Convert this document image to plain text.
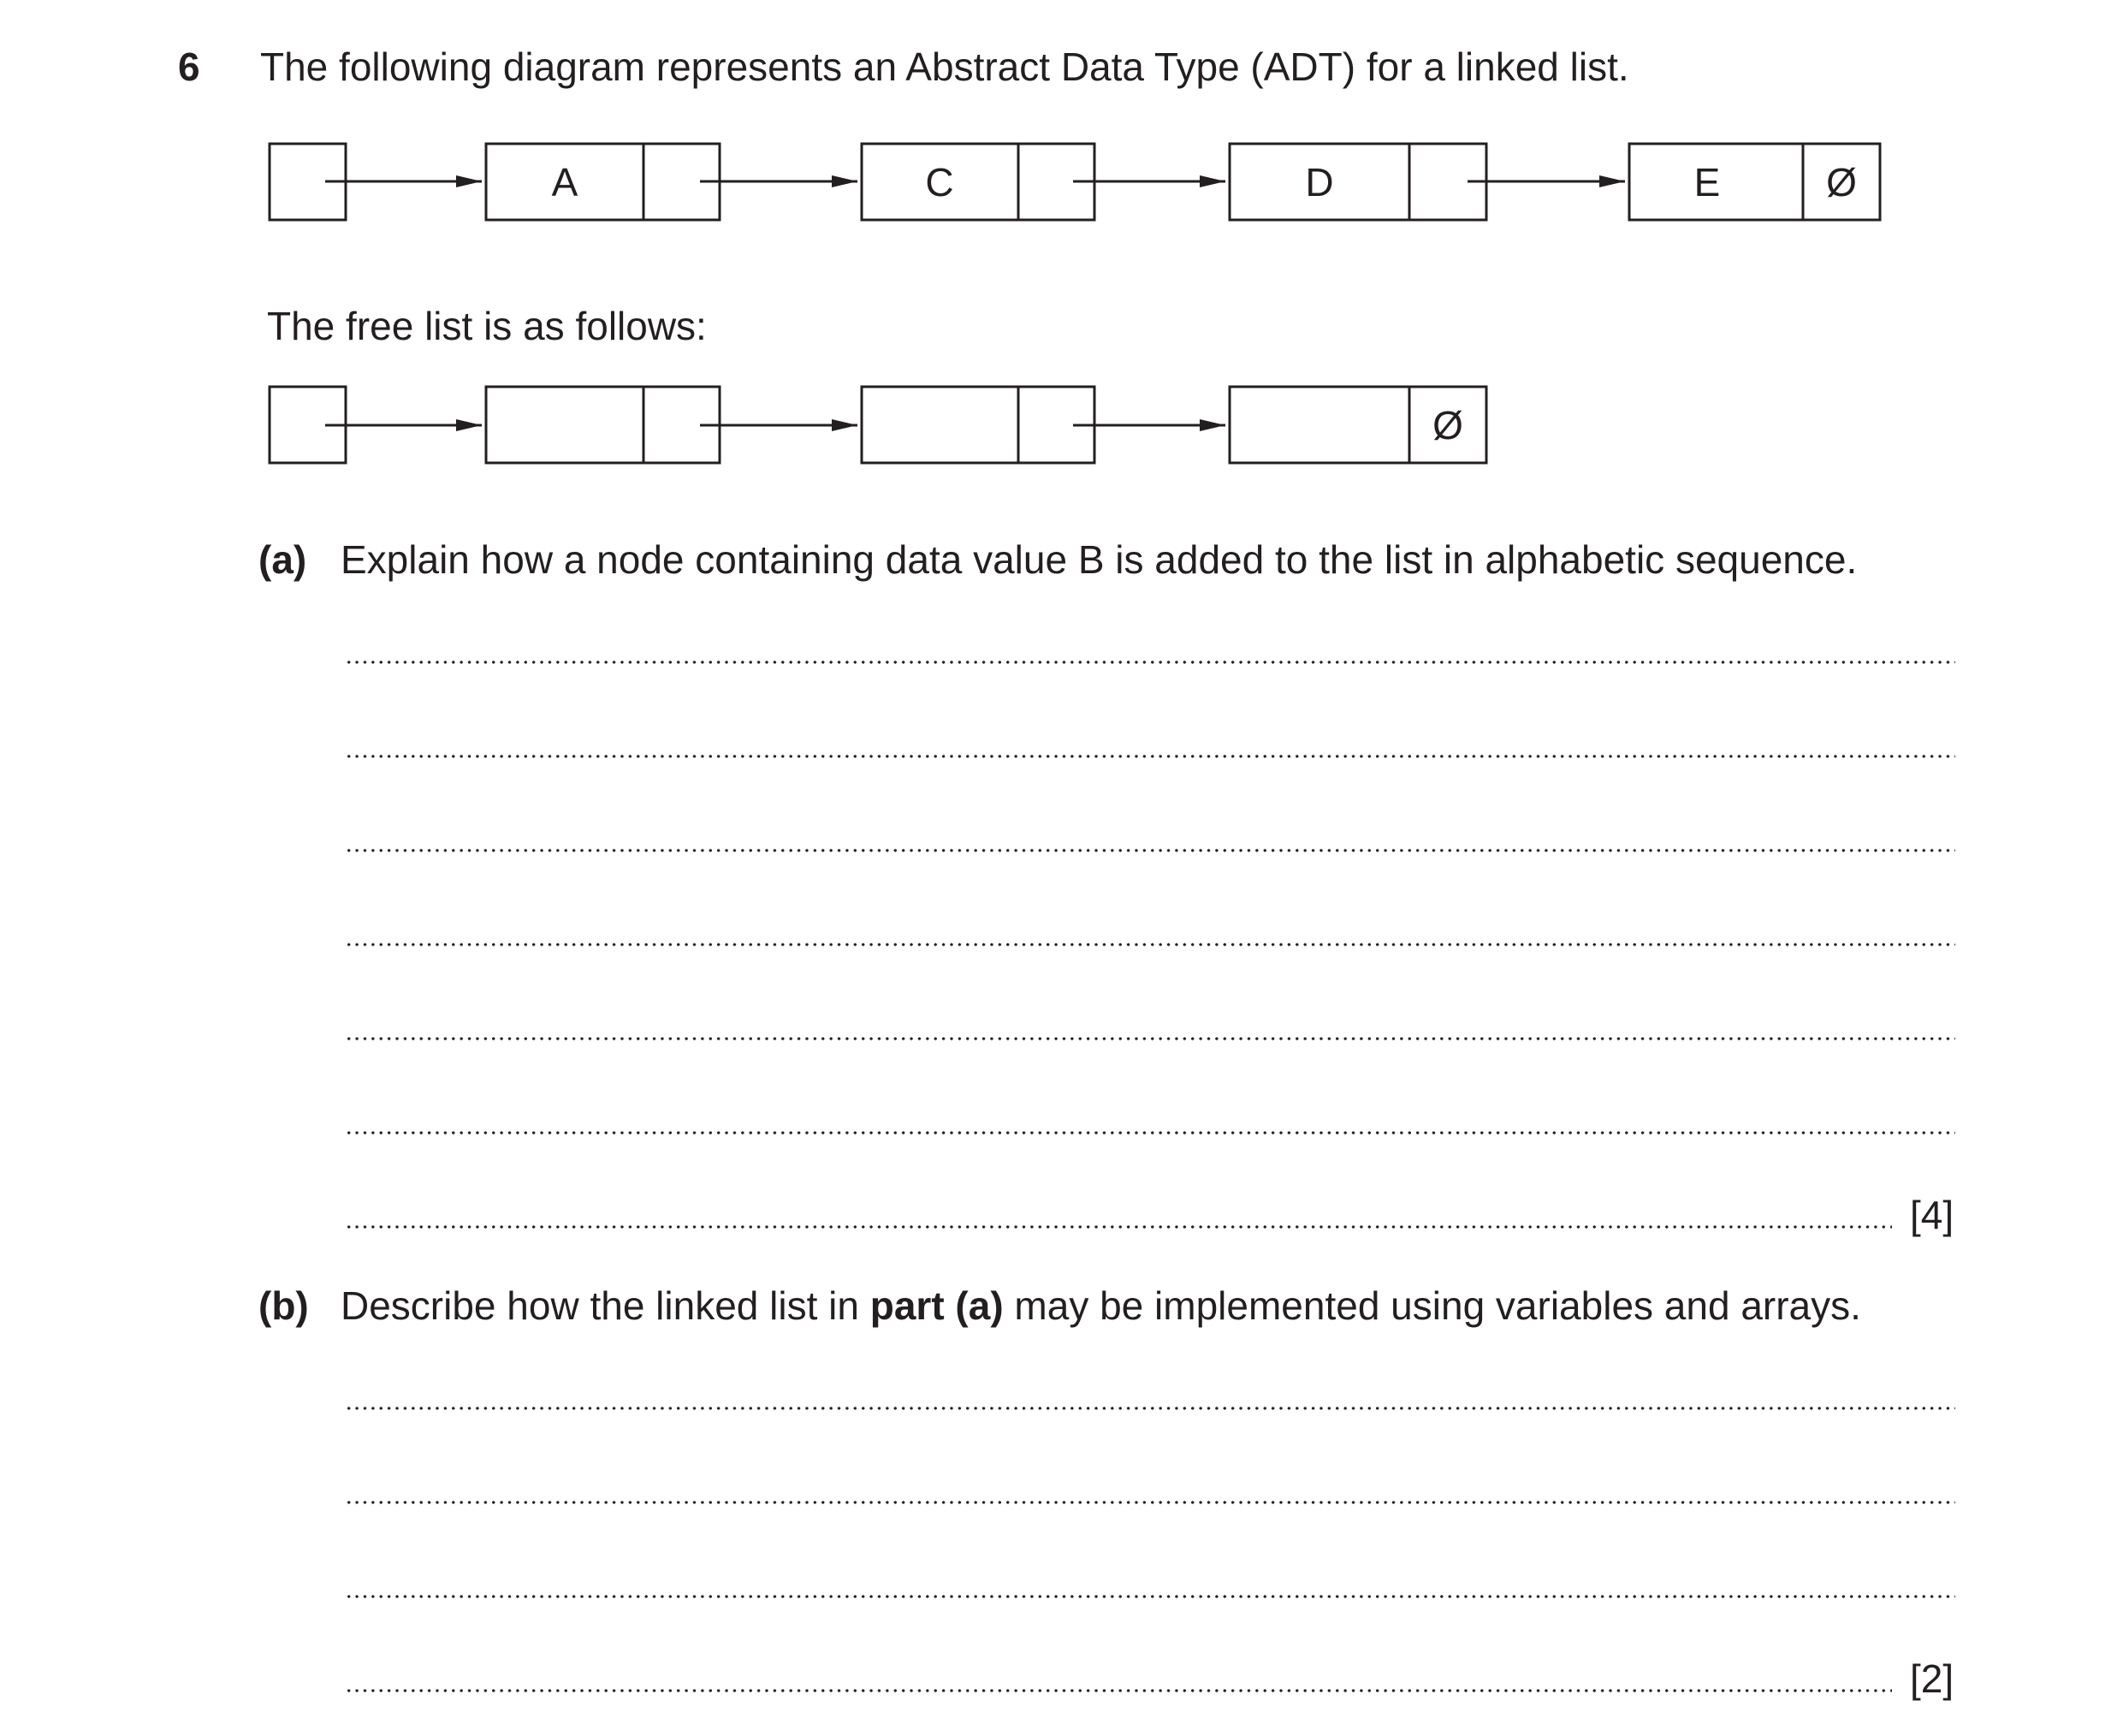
6 The following diagram represents an Abstract Data Type (ADT) for a linked list.
A	C	D	E	Ø
Ø
The free list is as follows:
(a) Explain how a node containing data value B is added to the list in alphabetic sequence.
[4]
(b) Describe how the linked list in part (a) may be implemented using variables and arrays.
[2]
